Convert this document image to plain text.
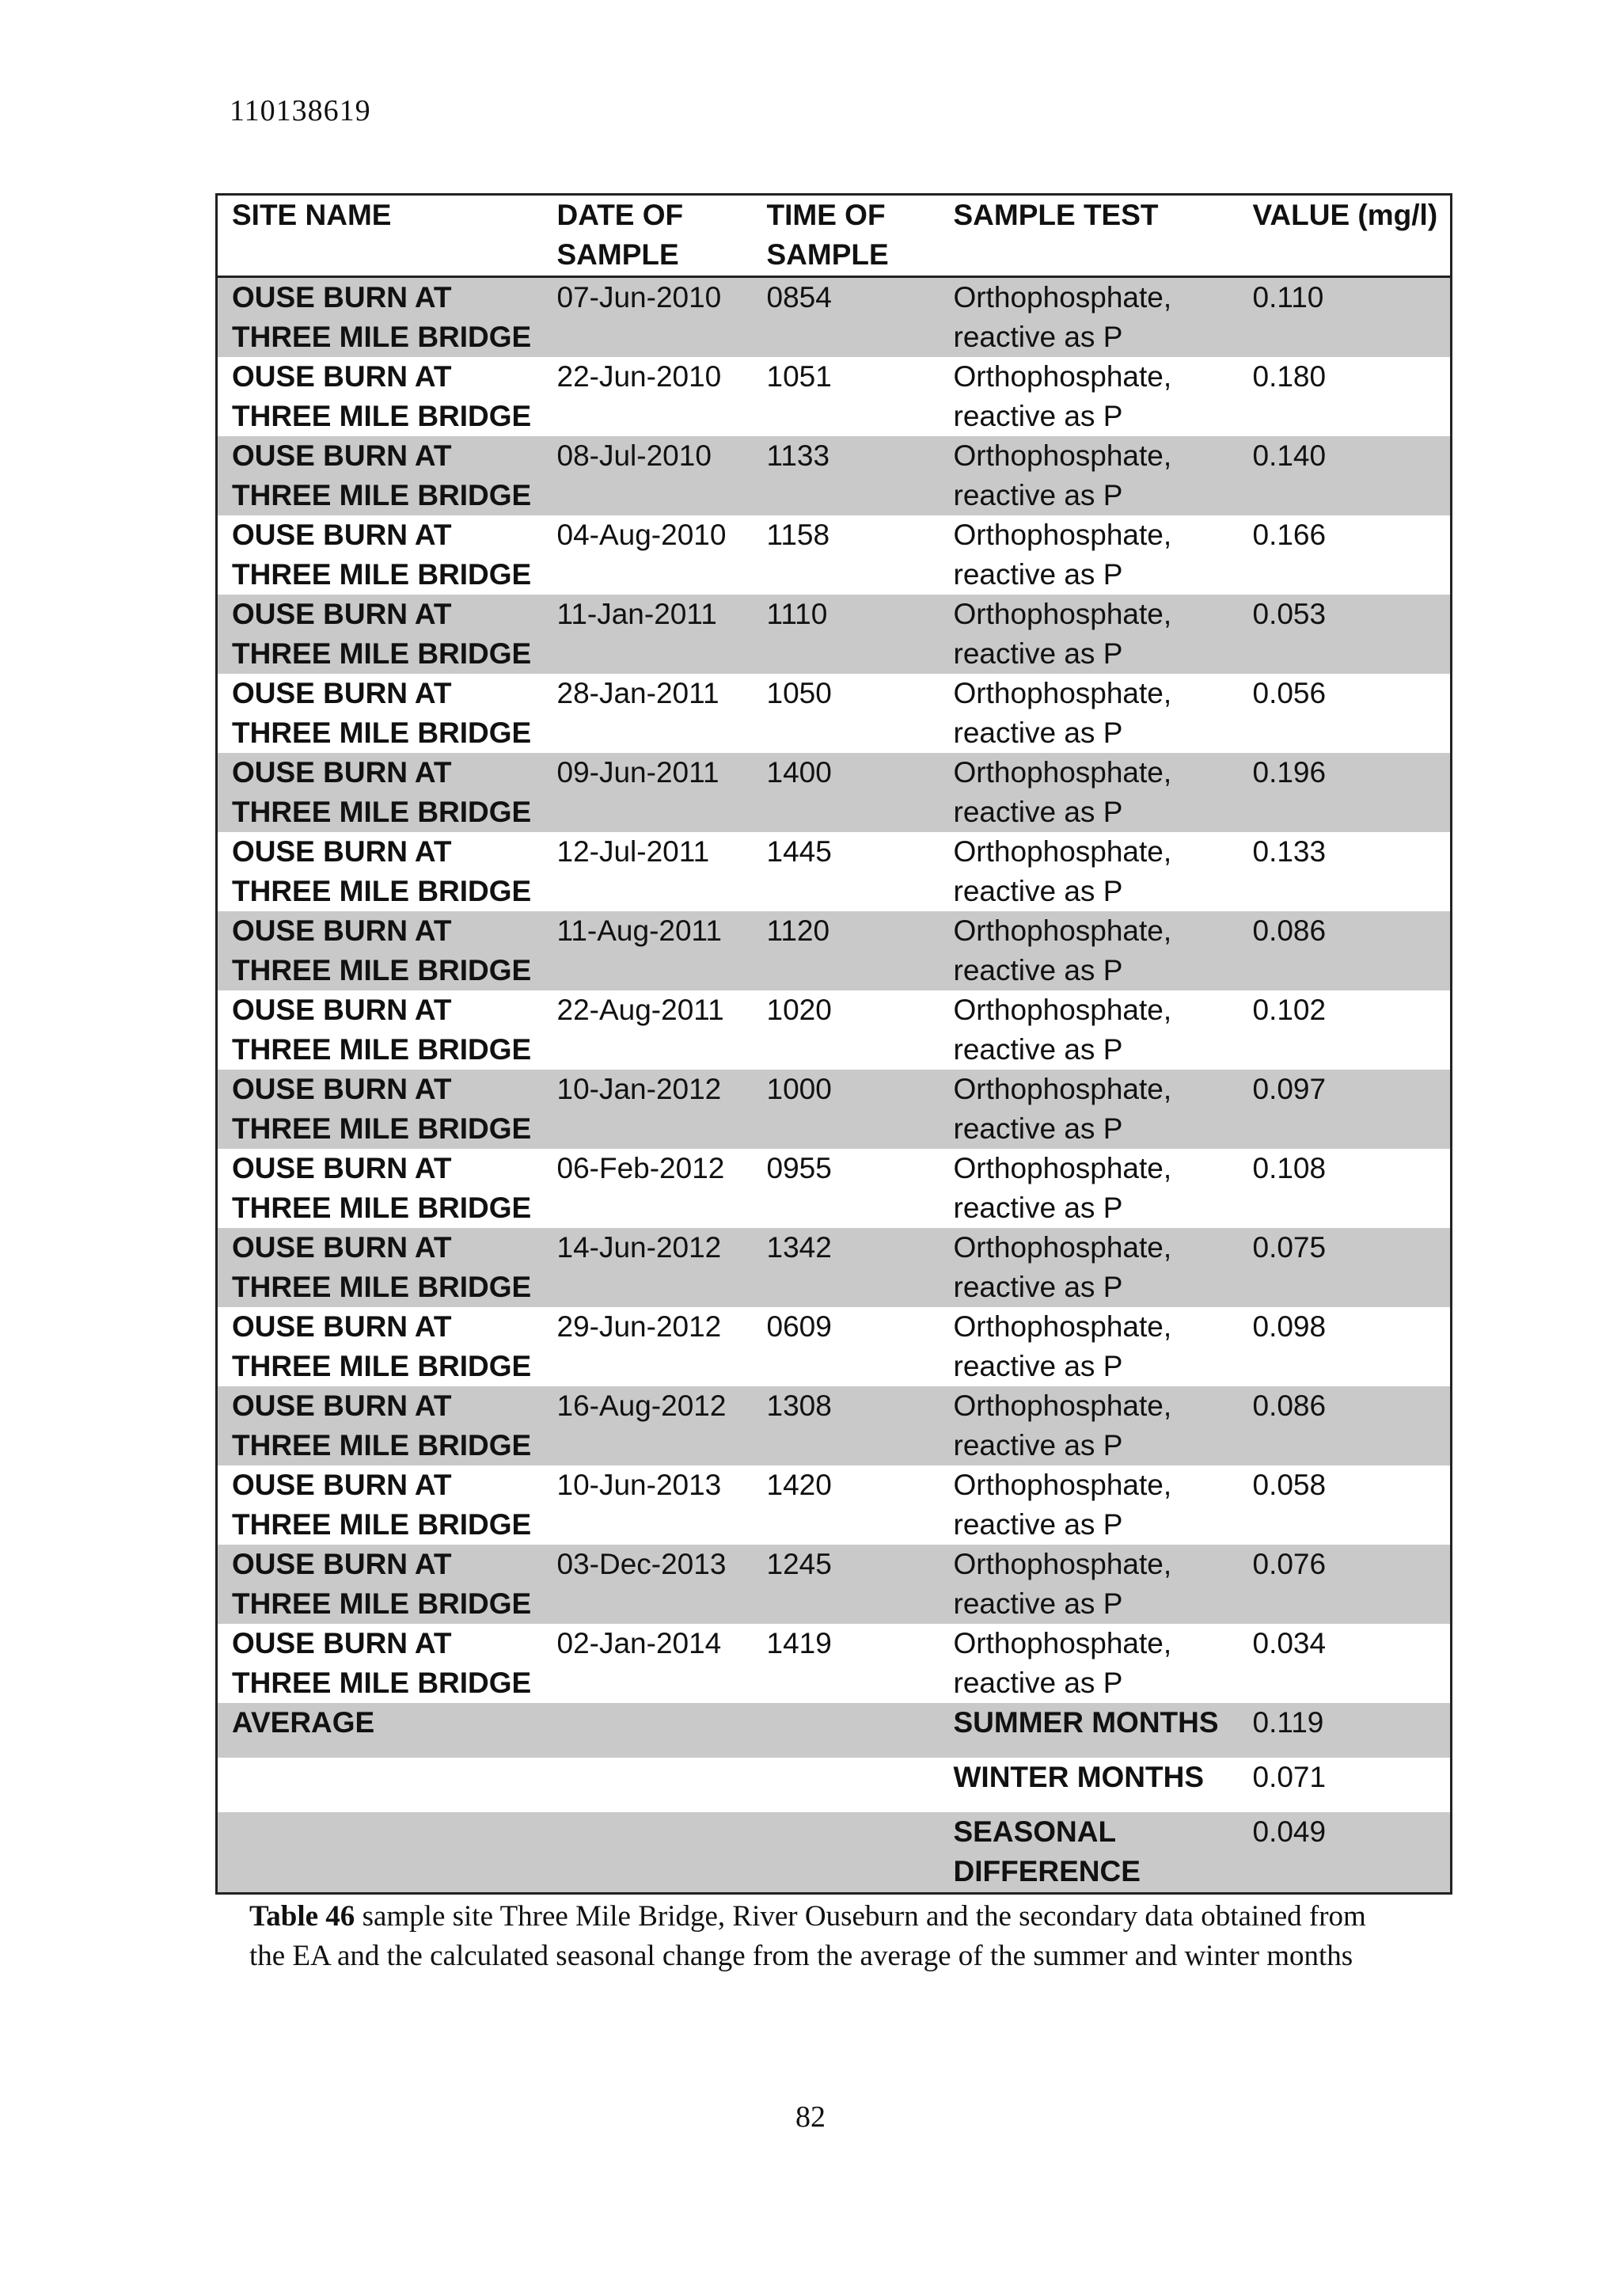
110138619
SITE NAME	DATE OF SAMPLE	TIME OF SAMPLE	SAMPLE TEST	VALUE (mg/l)
OUSE BURN AT THREE MILE BRIDGE	07-Jun-2010	0854	Orthophosphate, reactive as P	0.110
OUSE BURN AT THREE MILE BRIDGE	22-Jun-2010	1051	Orthophosphate, reactive as P	0.180
OUSE BURN AT THREE MILE BRIDGE	08-Jul-2010	1133	Orthophosphate, reactive as P	0.140
OUSE BURN AT THREE MILE BRIDGE	04-Aug-2010	1158	Orthophosphate, reactive as P	0.166
OUSE BURN AT THREE MILE BRIDGE	11-Jan-2011	1110	Orthophosphate, reactive as P	0.053
OUSE BURN AT THREE MILE BRIDGE	28-Jan-2011	1050	Orthophosphate, reactive as P	0.056
OUSE BURN AT THREE MILE BRIDGE	09-Jun-2011	1400	Orthophosphate, reactive as P	0.196
OUSE BURN AT THREE MILE BRIDGE	12-Jul-2011	1445	Orthophosphate, reactive as P	0.133
OUSE BURN AT THREE MILE BRIDGE	11-Aug-2011	1120	Orthophosphate, reactive as P	0.086
OUSE BURN AT THREE MILE BRIDGE	22-Aug-2011	1020	Orthophosphate, reactive as P	0.102
OUSE BURN AT THREE MILE BRIDGE	10-Jan-2012	1000	Orthophosphate, reactive as P	0.097
OUSE BURN AT THREE MILE BRIDGE	06-Feb-2012	0955	Orthophosphate, reactive as P	0.108
OUSE BURN AT THREE MILE BRIDGE	14-Jun-2012	1342	Orthophosphate, reactive as P	0.075
OUSE BURN AT THREE MILE BRIDGE	29-Jun-2012	0609	Orthophosphate, reactive as P	0.098
OUSE BURN AT THREE MILE BRIDGE	16-Aug-2012	1308	Orthophosphate, reactive as P	0.086
OUSE BURN AT THREE MILE BRIDGE	10-Jun-2013	1420	Orthophosphate, reactive as P	0.058
OUSE BURN AT THREE MILE BRIDGE	03-Dec-2013	1245	Orthophosphate, reactive as P	0.076
OUSE BURN AT THREE MILE BRIDGE	02-Jan-2014	1419	Orthophosphate, reactive as P	0.034
AVERAGE			SUMMER MONTHS	0.119
			WINTER MONTHS	0.071
			SEASONAL DIFFERENCE	0.049
Table 46 sample site Three Mile Bridge, River Ouseburn and the secondary data obtained from the EA and the calculated seasonal change from the average of the summer and winter months
82
